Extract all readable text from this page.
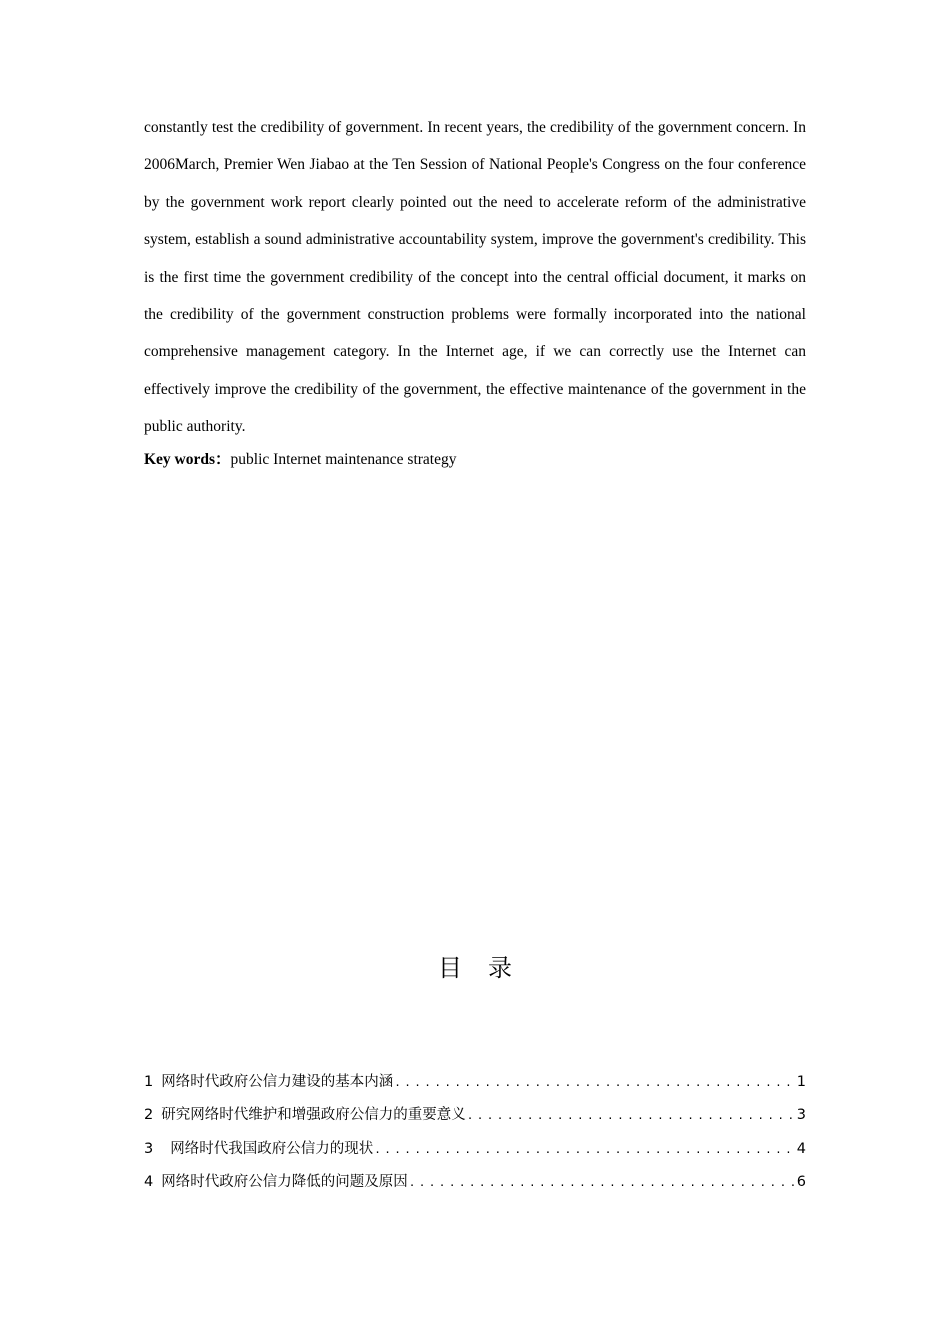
constantly test the credibility of government. In recent years, the credibility of the government concern. In 2006March, Premier Wen Jiabao at the Ten Session of National People's Congress on the four conference by the government work report clearly pointed out the need to accelerate reform of the administrative system, establish a sound administrative accountability system, improve the government's credibility. This is the first time the government credibility of the concept into the central official document, it marks on the credibility of the government construction problems were formally incorporated into the national comprehensive management category. In the Internet age, if we can correctly use the Internet can effectively improve the credibility of the government, the effective maintenance of the government in the public authority.

Key words：public Internet maintenance strategy
目录
1 网络时代政府公信力建设的基本内涵 .....	1
2 研究网络时代维护和增强政府公信力的重要意义 .....	3
3 网络时代我国政府公信力的现状 .....	4
4 网络时代政府公信力降低的问题及原因 .....	6
